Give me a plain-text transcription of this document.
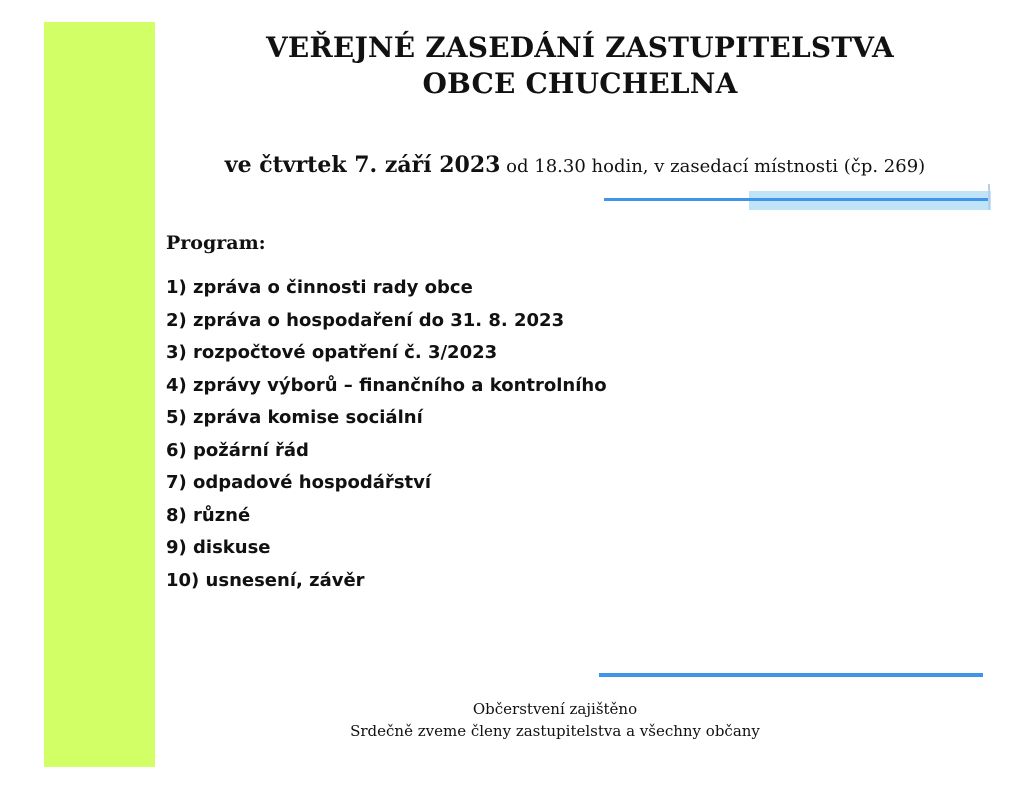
VEŘEJNÉ ZASEDÁNÍ ZASTUPITELSTVA
OBCE CHUCHELNA
ve čtvrtek 7. září 2023 od 18.30 hodin, v zasedací místnosti (čp. 269)
Program:
1) zpráva o činnosti rady obce
2) zpráva o hospodaření do 31. 8. 2023
3) rozpočtové opatření č. 3/2023
4) zprávy výborů – finančního a kontrolního
5) zpráva komise sociální
6) požární řád
7) odpadové hospodářství
8) různé
9) diskuse
10) usnesení, závěr
Občerstvení zajištěno
Srdečně zveme členy zastupitelstva a všechny občany
